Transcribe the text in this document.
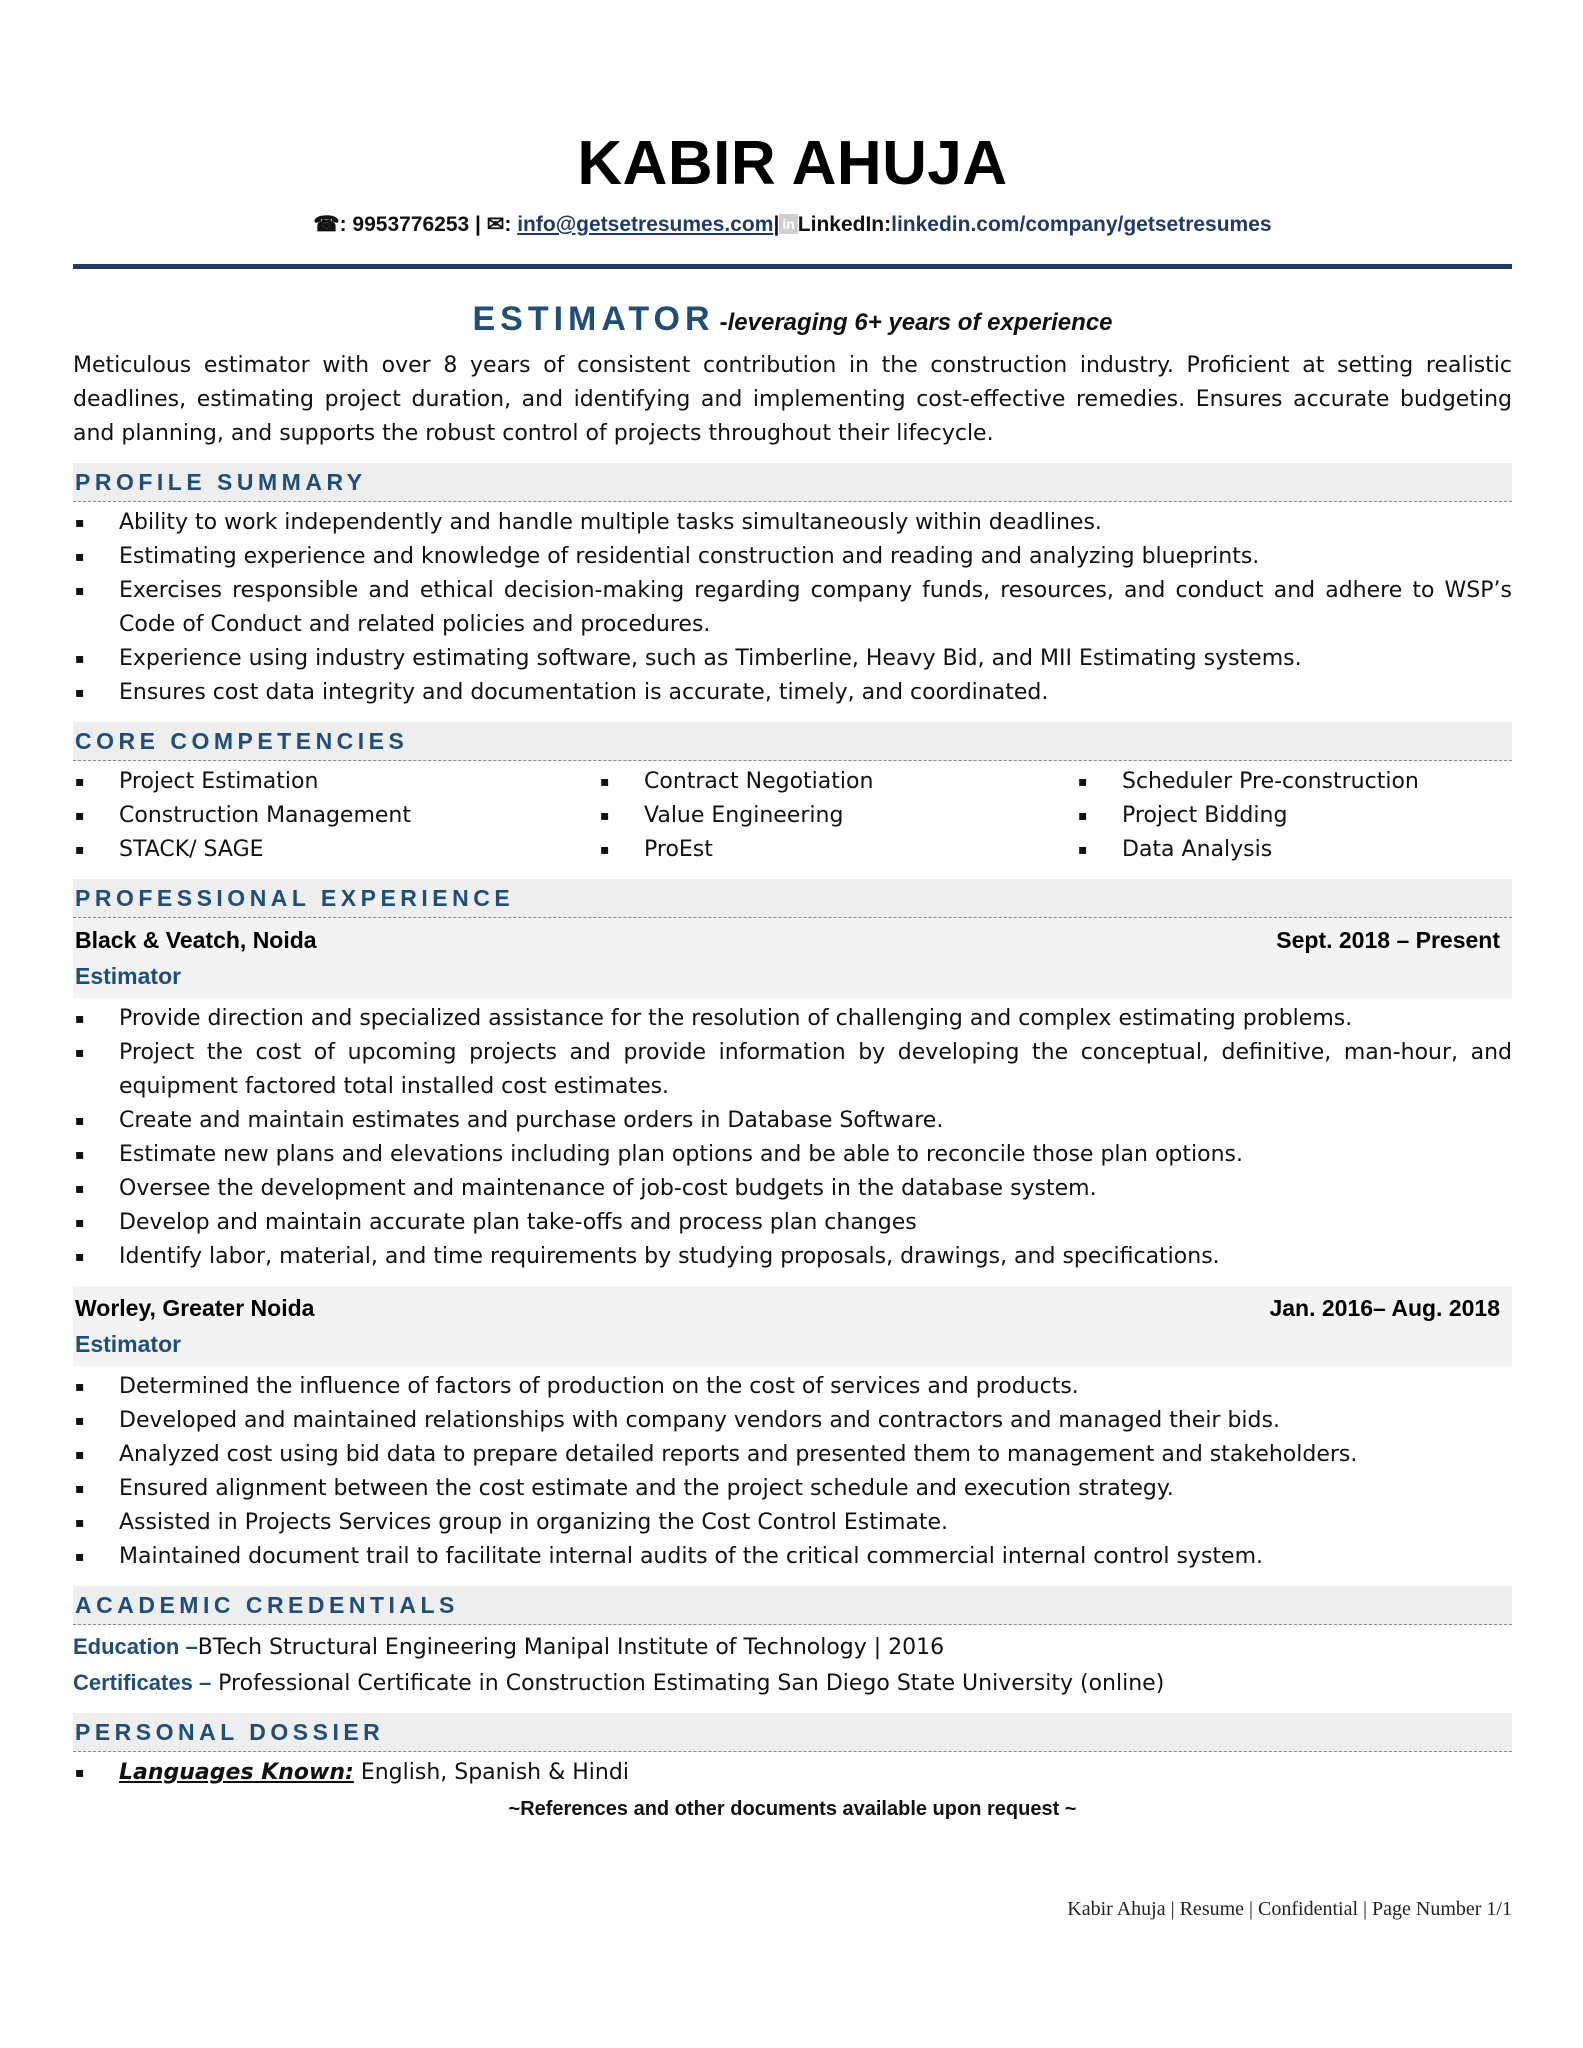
KABIR AHUJA
☎: 9953776253 | ✉: info@getsetresumes.com| in LinkedIn:linkedin.com/company/getsetresumes
ESTIMATOR -leveraging 6+ years of experience
Meticulous estimator with over 8 years of consistent contribution in the construction industry. Proficient at setting realistic deadlines, estimating project duration, and identifying and implementing cost-effective remedies. Ensures accurate budgeting and planning, and supports the robust control of projects throughout their lifecycle.
PROFILE SUMMARY
▪ Ability to work independently and handle multiple tasks simultaneously within deadlines.
▪ Estimating experience and knowledge of residential construction and reading and analyzing blueprints.
▪ Exercises responsible and ethical decision-making regarding company funds, resources, and conduct and adhere to WSP’s Code of Conduct and related policies and procedures.
▪ Experience using industry estimating software, such as Timberline, Heavy Bid, and MII Estimating systems.
▪ Ensures cost data integrity and documentation is accurate, timely, and coordinated.
CORE COMPETENCIES
▪ Project Estimation	▪ Contract Negotiation	▪ Scheduler Pre-construction
▪ Construction Management	▪ Value Engineering	▪ Project Bidding
▪ STACK/ SAGE	▪ ProEst	▪ Data Analysis
PROFESSIONAL EXPERIENCE
Black & Veatch, Noida	Sept. 2018 – Present
Estimator
▪ Provide direction and specialized assistance for the resolution of challenging and complex estimating problems.
▪ Project the cost of upcoming projects and provide information by developing the conceptual, definitive, man-hour, and equipment factored total installed cost estimates.
▪ Create and maintain estimates and purchase orders in Database Software.
▪ Estimate new plans and elevations including plan options and be able to reconcile those plan options.
▪ Oversee the development and maintenance of job-cost budgets in the database system.
▪ Develop and maintain accurate plan take-offs and process plan changes
▪ Identify labor, material, and time requirements by studying proposals, drawings, and specifications.
Worley, Greater Noida	Jan. 2016– Aug. 2018
Estimator
▪ Determined the influence of factors of production on the cost of services and products.
▪ Developed and maintained relationships with company vendors and contractors and managed their bids.
▪ Analyzed cost using bid data to prepare detailed reports and presented them to management and stakeholders.
▪ Ensured alignment between the cost estimate and the project schedule and execution strategy.
▪ Assisted in Projects Services group in organizing the Cost Control Estimate.
▪ Maintained document trail to facilitate internal audits of the critical commercial internal control system.
ACADEMIC CREDENTIALS
Education –BTech Structural Engineering Manipal Institute of Technology | 2016
Certificates – Professional Certificate in Construction Estimating San Diego State University (online)
PERSONAL DOSSIER
▪ Languages Known: English, Spanish & Hindi
~References and other documents available upon request ~
Kabir Ahuja | Resume | Confidential | Page Number 1/1
